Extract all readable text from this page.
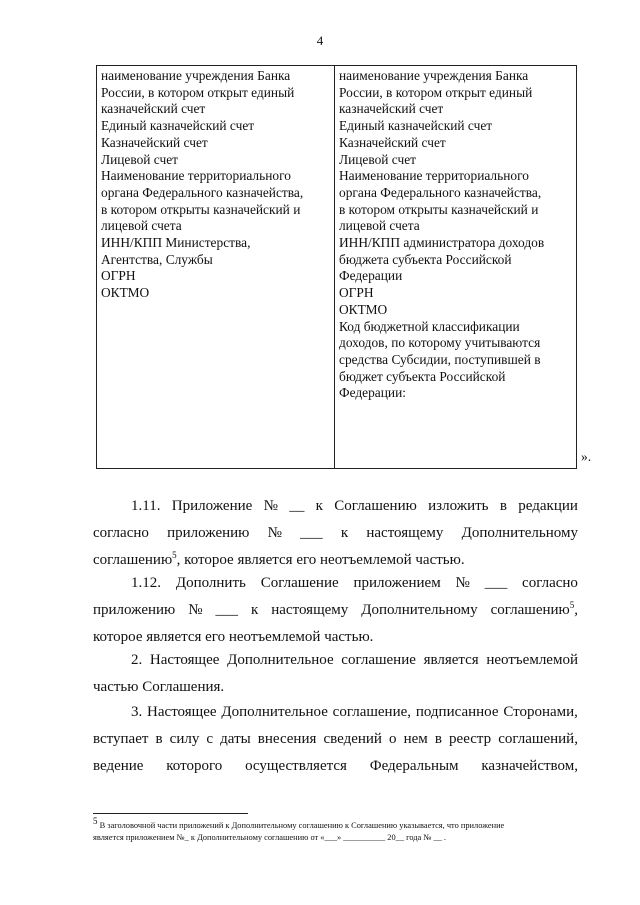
4
наименование учреждения Банка
России, в котором открыт единый
казначейский счет
Единый казначейский счет
Казначейский счет
Лицевой счет
Наименование территориального
органа Федерального казначейства,
в котором открыты казначейский и
лицевой счета
ИНН/КПП Министерства,
Агентства, Службы
ОГРН
ОКТМО
наименование учреждения Банка
России, в котором открыт единый
казначейский счет
Единый казначейский счет
Казначейский счет
Лицевой счет
Наименование территориального
органа Федерального казначейства,
в котором открыты казначейский и
лицевой счета
ИНН/КПП администратора доходов
бюджета субъекта Российской
Федерации
ОГРН
ОКТМО
Код бюджетной классификации
доходов, по которому учитываются
средства Субсидии, поступившей в
бюджет субъекта Российской
Федерации:
».
1.11. Приложение № __ к Соглашению изложить в редакции
согласно приложению № ___ к настоящему Дополнительному
соглашению$^5$, которое является его неотъемлемой частью.
1.12. Дополнить Соглашение приложением № ___ согласно
приложению № ___ к настоящему Дополнительному соглашению$^5$,
которое является его неотъемлемой частью.
2. Настоящее Дополнительное соглашение является неотъемлемой
частью Соглашения.
3. Настоящее Дополнительное соглашение, подписанное Сторонами,
вступает в силу с даты внесения сведений о нем в реестр соглашений,
ведение которого осуществляется Федеральным казначейством,
$^5$ В заголовочной части приложений к Дополнительному соглашению к Соглашению указывается, что приложение
является приложением №_ к Дополнительному соглашению от «___» __________ 20__ года № __ .
